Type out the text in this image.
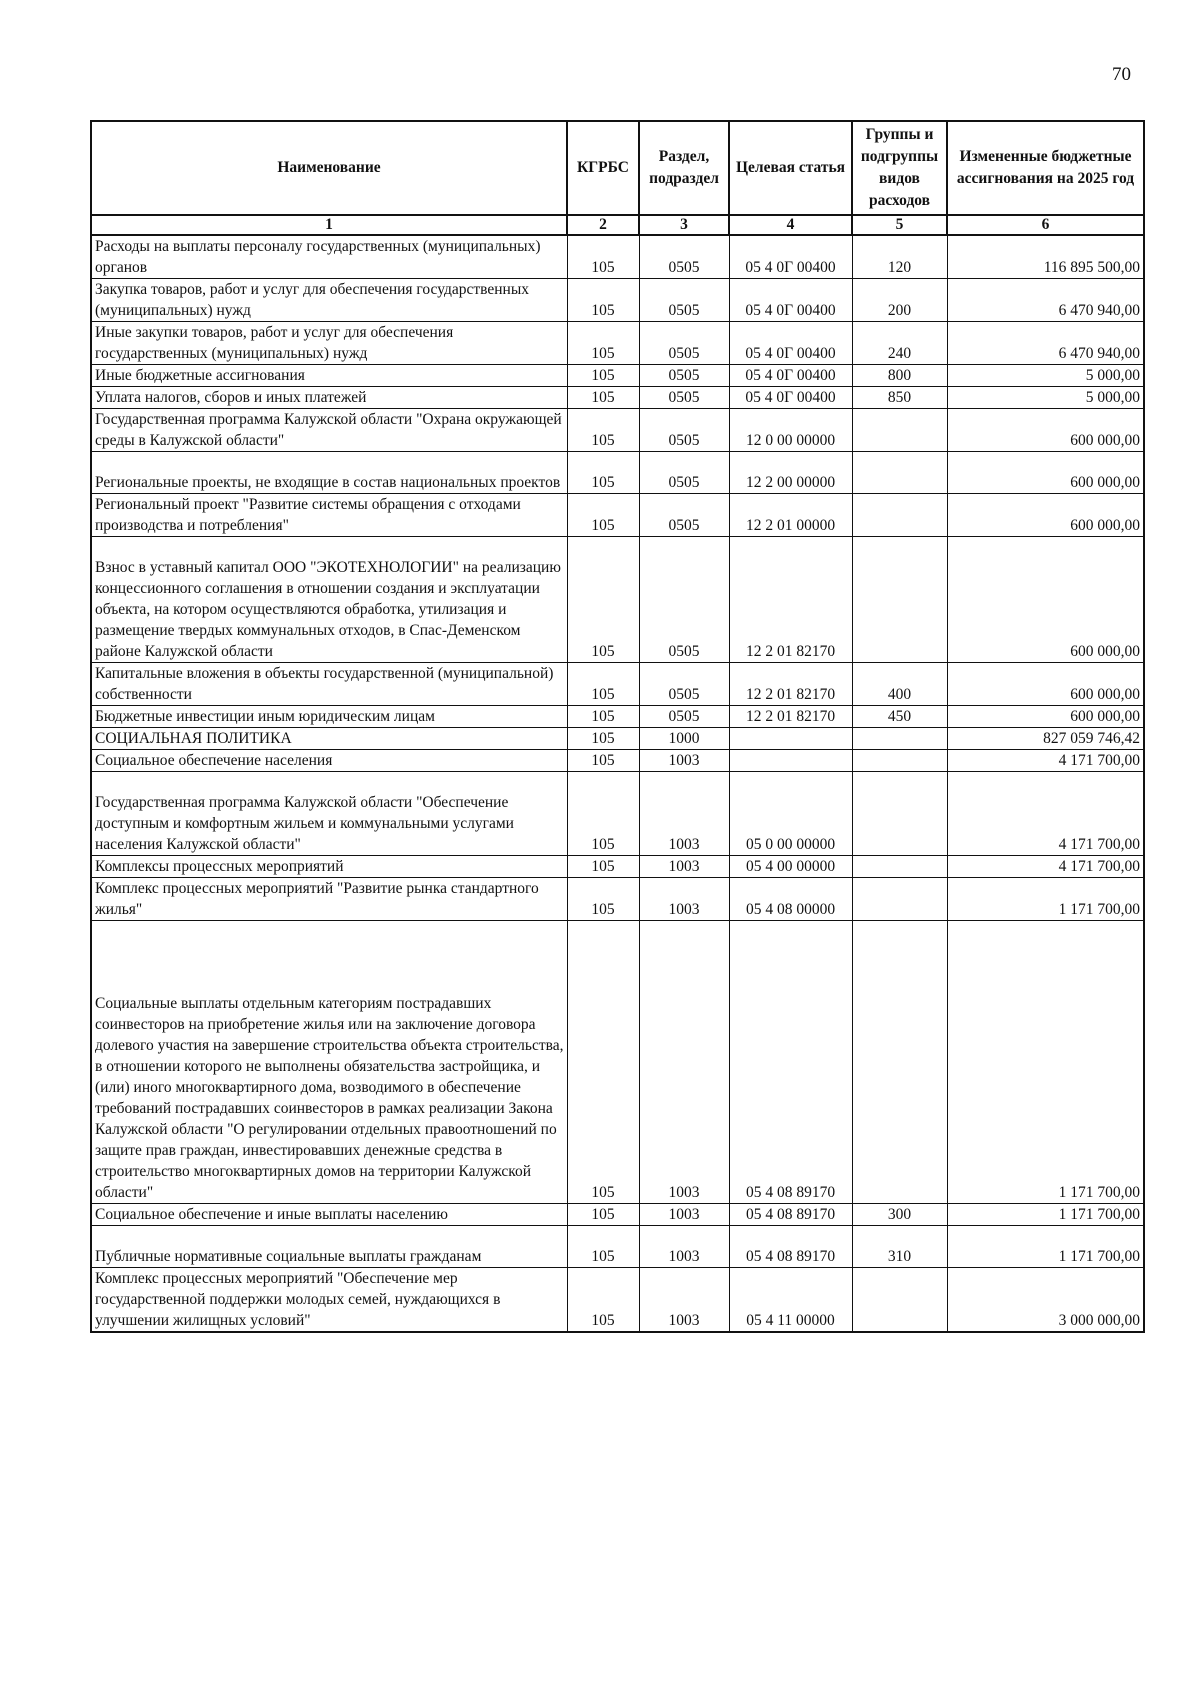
70
Наименование	КГРБС	Раздел, подраздел	Целевая статья	Группы и подгруппы видов расходов	Измененные бюджетные ассигнования на 2025 год
1	2	3	4	5	6
Расходы на выплаты персоналу государственных (муниципальных) органов	105	0505	05 4 0Г 00400	120	116 895 500,00
Закупка товаров, работ и услуг для обеспечения государственных (муниципальных) нужд	105	0505	05 4 0Г 00400	200	6 470 940,00
Иные закупки товаров, работ и услуг для обеспечения государственных (муниципальных) нужд	105	0505	05 4 0Г 00400	240	6 470 940,00
Иные бюджетные ассигнования	105	0505	05 4 0Г 00400	800	5 000,00
Уплата налогов, сборов и иных платежей	105	0505	05 4 0Г 00400	850	5 000,00
Государственная программа Калужской области "Охрана окружающей среды в Калужской области"	105	0505	12 0 00 00000		600 000,00
Региональные проекты, не входящие в состав национальных проектов	105	0505	12 2 00 00000		600 000,00
Региональный проект "Развитие системы обращения с отходами производства и потребления"	105	0505	12 2 01 00000		600 000,00
Взнос в уставный капитал ООО "ЭКОТЕХНОЛОГИИ" на реализацию концессионного соглашения в отношении создания и эксплуатации объекта, на котором осуществляются обработка, утилизация и размещение твердых коммунальных отходов, в Спас-Деменском районе Калужской области	105	0505	12 2 01 82170		600 000,00
Капитальные вложения в объекты государственной (муниципальной) собственности	105	0505	12 2 01 82170	400	600 000,00
Бюджетные инвестиции иным юридическим лицам	105	0505	12 2 01 82170	450	600 000,00
СОЦИАЛЬНАЯ ПОЛИТИКА	105	1000			827 059 746,42
Социальное обеспечение населения	105	1003			4 171 700,00
Государственная программа Калужской области "Обеспечение доступным и комфортным жильем и коммунальными услугами населения Калужской области"	105	1003	05 0 00 00000		4 171 700,00
Комплексы процессных мероприятий	105	1003	05 4 00 00000		4 171 700,00
Комплекс процессных мероприятий "Развитие рынка стандартного жилья"	105	1003	05 4 08 00000		1 171 700,00
Социальные выплаты отдельным категориям пострадавших соинвесторов на приобретение жилья или на заключение договора долевого участия на завершение строительства объекта строительства, в отношении которого не выполнены обязательства застройщика, и (или) иного многоквартирного дома, возводимого в обеспечение требований пострадавших соинвесторов в рамках реализации Закона Калужской области "О регулировании отдельных правоотношений по защите прав граждан, инвестировавших денежные средства в строительство многоквартирных домов на территории Калужской области"	105	1003	05 4 08 89170		1 171 700,00
Социальное обеспечение и иные выплаты населению	105	1003	05 4 08 89170	300	1 171 700,00
Публичные нормативные социальные выплаты гражданам	105	1003	05 4 08 89170	310	1 171 700,00
Комплекс процессных мероприятий "Обеспечение мер государственной поддержки молодых семей, нуждающихся в улучшении жилищных условий"	105	1003	05 4 11 00000		3 000 000,00
